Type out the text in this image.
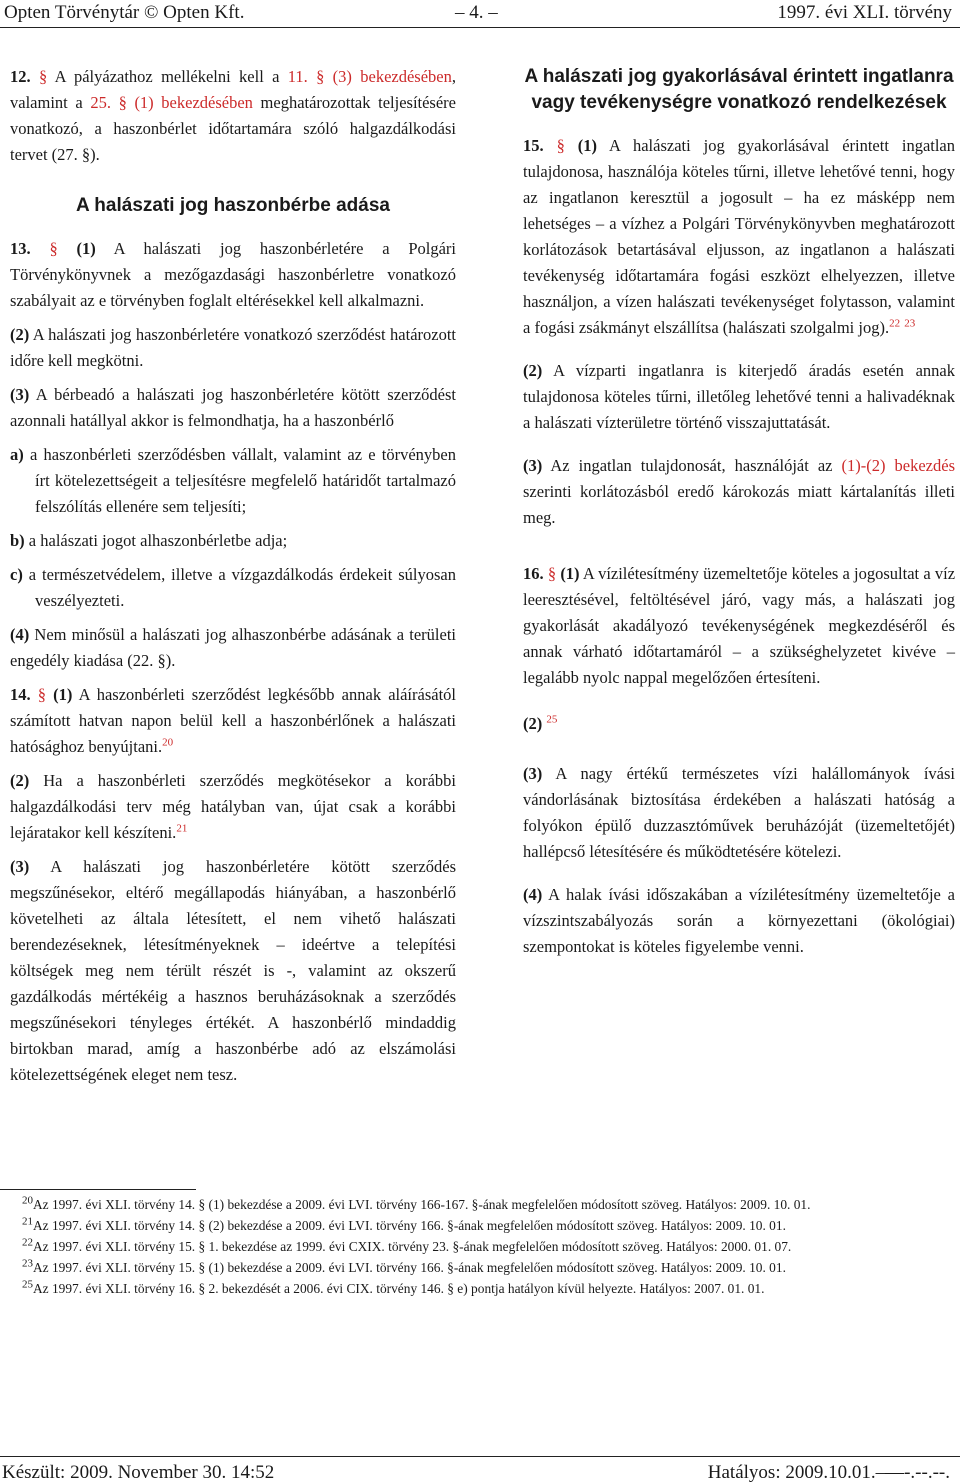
Opten Törvénytár © Opten Kft.	– 4. –	1997. évi XLI. törvény

12. § A pályázathoz mellékelni kell a 11. § (3) bekezdésében, valamint a 25. § (1) bekezdésében meghatározottak teljesítésére vonatkozó, a haszonbérlet időtartamára szóló halgazdálkodási tervet (27. §).

A halászati jog haszonbérbe adása

13. § (1) A halászati jog haszonbérletére a Polgári Törvénykönyvnek a mezőgazdasági haszonbérletre vonatkozó szabályait az e törvényben foglalt eltérésekkel kell alkalmazni.

(2) A halászati jog haszonbérletére vonatkozó szerződést határozott időre kell megkötni.

(3) A bérbeadó a halászati jog haszonbérletére kötött szerződést azonnali hatállyal akkor is felmondhatja, ha a haszonbérlő

a) a haszonbérleti szerződésben vállalt, valamint az e törvényben írt kötelezettségeit a teljesítésre megfelelő határidőt tartalmazó felszólítás ellenére sem teljesíti;

b) a halászati jogot alhaszonbérletbe adja;

c) a természetvédelem, illetve a vízgazdálkodás érdekeit súlyosan veszélyezteti.

(4) Nem minősül a halászati jog alhaszonbérbe adásának a területi engedély kiadása (22. §).

14. § (1) A haszonbérleti szerződést legkésőbb annak aláírásától számított hatvan napon belül kell a haszonbérlőnek a halászati hatósághoz benyújtani.$^{20}$

(2) Ha a haszonbérleti szerződés megkötésekor a korábbi halgazdálkodási terv még hatályban van, újat csak a korábbi lejáratakor kell készíteni.$^{21}$

(3) A halászati jog haszonbérletére kötött szerződés megszűnésekor, eltérő megállapodás hiányában, a haszonbérlő követelheti az általa létesített, el nem vihető halászati berendezéseknek, létesítményeknek – ideértve a telepítési költségek meg nem térült részét is -, valamint az okszerű gazdálkodás mértékéig a hasznos beruházásoknak a szerződés megszűnésekori tényleges értékét. A haszonbérlő mindaddig birtokban marad, amíg a haszonbérbe adó az elszámolási kötelezettségének eleget nem tesz.

A halászati jog gyakorlásával érintett ingatlanra vagy tevékenységre vonatkozó rendelkezések

15. § (1) A halászati jog gyakorlásával érintett ingatlan tulajdonosa, használója köteles tűrni, illetve lehetővé tenni, hogy az ingatlanon keresztül a jogosult – ha ez másképp nem lehetséges – a vízhez a Polgári Törvénykönyvben meghatározott korlátozások betartásával eljusson, az ingatlanon a halászati tevékenység időtartamára fogási eszközt elhelyezzen, illetve használjon, a vízen halászati tevékenységet folytasson, valamint a fogási zsákmányt elszállítsa (halászati szolgalmi jog).$^{22}$ $^{23}$

(2) A vízparti ingatlanra is kiterjedő áradás esetén annak tulajdonosa köteles tűrni, illetőleg lehetővé tenni a halivadéknak a halászati vízterületre történő visszajuttatását.

(3) Az ingatlan tulajdonosát, használóját az (1)-(2) bekezdés szerinti korlátozásból eredő károkozás miatt kártalanítás illeti meg.

16. § (1) A vízilétesítmény üzemeltetője köteles a jogosultat a víz leeresztésével, feltöltésével járó, vagy más, a halászati jog gyakorlását akadályozó tevékenységének megkezdéséről és annak várható időtartamáról – a szükséghelyzetet kivéve – legalább nyolc nappal megelőzően értesíteni.

(2) $^{25}$

(3) A nagy értékű természetes vízi halállományok ívási vándorlásának biztosítása érdekében a halászati hatóság a folyókon épülő duzzasztóművek beruházóját (üzemeltetőjét) hallépcső létesítésére és működtetésére kötelezi.

(4) A halak ívási időszakában a vízilétesítmény üzemeltetője a vízszintszabályozás során a környezettani (ökológiai) szempontokat is köteles figyelembe venni.

$^{20}$Az 1997. évi XLI. törvény 14. § (1) bekezdése a 2009. évi LVI. törvény 166-167. §-ának megfelelően módosított szöveg. Hatályos: 2009. 10. 01.

$^{21}$Az 1997. évi XLI. törvény 14. § (2) bekezdése a 2009. évi LVI. törvény 166. §-ának megfelelően módosított szöveg. Hatályos: 2009. 10. 01.

$^{22}$Az 1997. évi XLI. törvény 15. § 1. bekezdése az 1999. évi CXIX. törvény 23. §-ának megfelelően módosított szöveg. Hatályos: 2000. 01. 07.

$^{23}$Az 1997. évi XLI. törvény 15. § (1) bekezdése a 2009. évi LVI. törvény 166. §-ának megfelelően módosított szöveg. Hatályos: 2009. 10. 01.

$^{25}$Az 1997. évi XLI. törvény 16. § 2. bekezdését a 2006. évi CIX. törvény 146. § e) pontja hatályon kívül helyezte. Hatályos: 2007. 01. 01.

Készült: 2009. November 30. 14:52	Hatályos: 2009.10.01.–—-.--.--.
